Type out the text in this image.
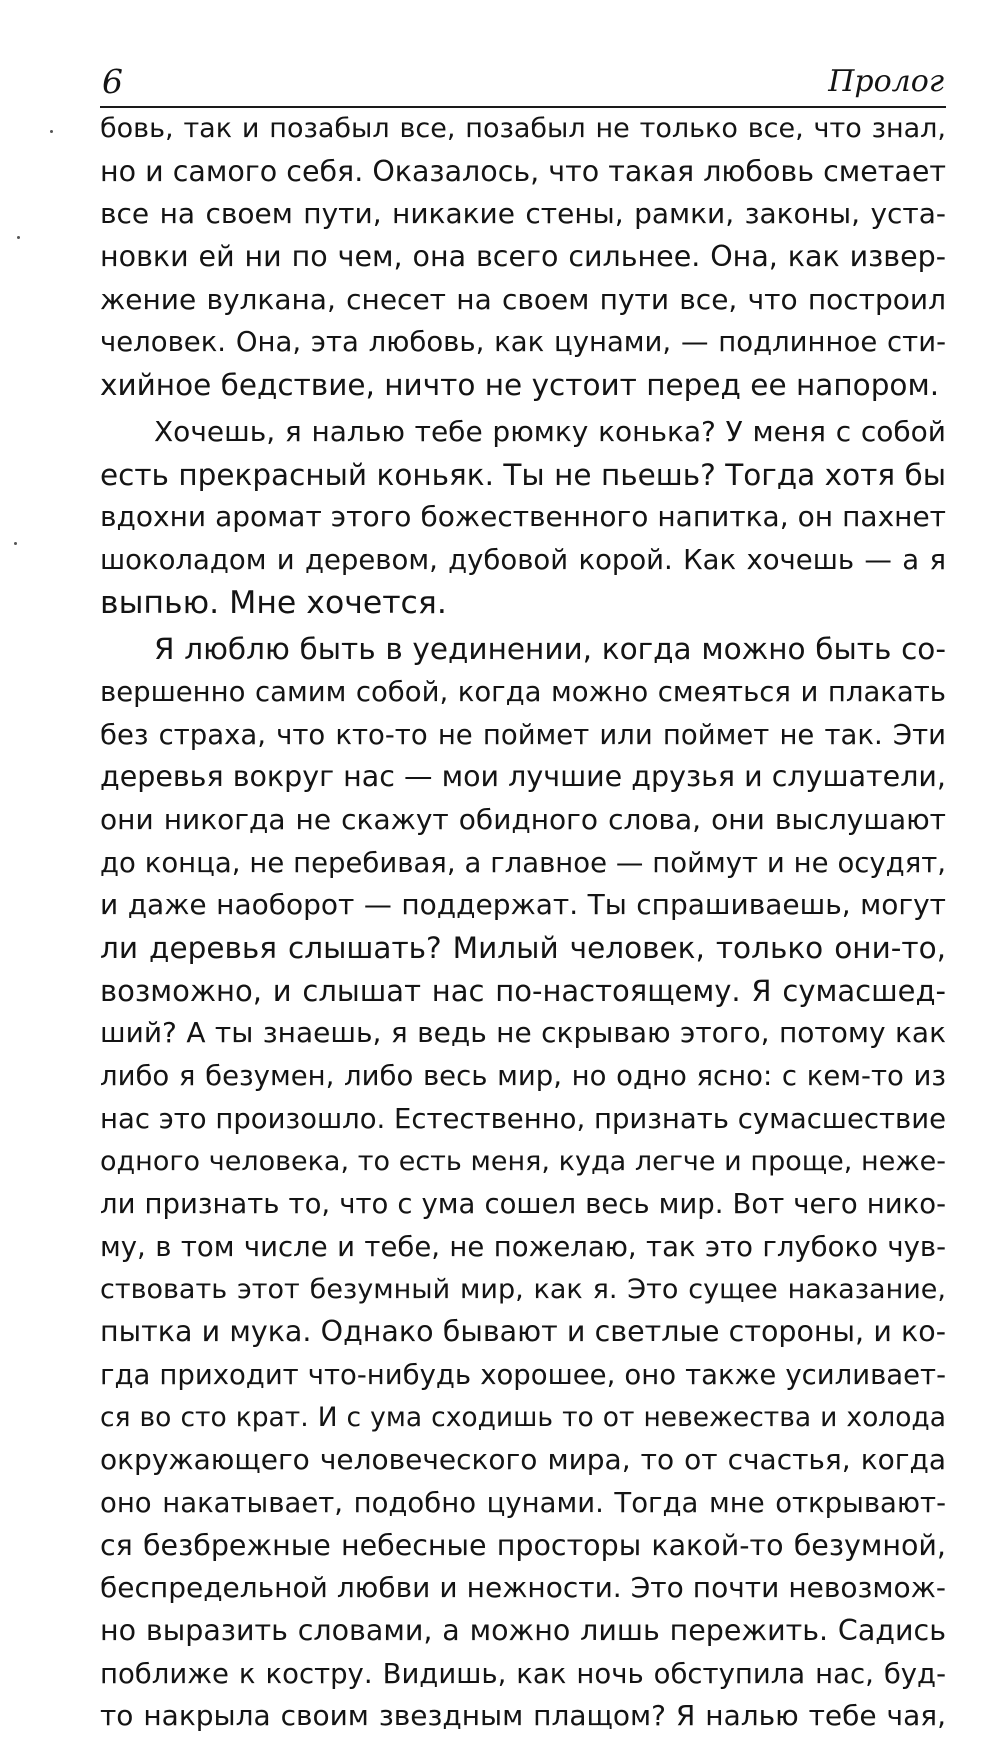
6	Пролог
бовь, так и позабыл все, позабыл не только все, что знал,
но и самого себя. Оказалось, что такая любовь сметает
все на своем пути, никакие стены, рамки, законы, уста-
новки ей ни по чем, она всего сильнее. Она, как извер-
жение вулкана, снесет на своем пути все, что построил
человек. Она, эта любовь, как цунами, — подлинное сти-
хийное бедствие, ничто не устоит перед ее напором.
Хочешь, я налью тебе рюмку конька? У меня с собой
есть прекрасный коньяк. Ты не пьешь? Тогда хотя бы
вдохни аромат этого божественного напитка, он пахнет
шоколадом и деревом, дубовой корой. Как хочешь — а я
выпью. Мне хочется.
Я люблю быть в уединении, когда можно быть со-
вершенно самим собой, когда можно смеяться и плакать
без страха, что кто-то не поймет или поймет не так. Эти
деревья вокруг нас — мои лучшие друзья и слушатели,
они никогда не скажут обидного слова, они выслушают
до конца, не перебивая, а главное — поймут и не осудят,
и даже наоборот — поддержат. Ты спрашиваешь, могут
ли деревья слышать? Милый человек, только они-то,
возможно, и слышат нас по-настоящему. Я сумасшед-
ший? А ты знаешь, я ведь не скрываю этого, потому как
либо я безумен, либо весь мир, но одно ясно: с кем-то из
нас это произошло. Естественно, признать сумасшествие
одного человека, то есть меня, куда легче и проще, неже-
ли признать то, что с ума сошел весь мир. Вот чего нико-
му, в том числе и тебе, не пожелаю, так это глубоко чув-
ствовать этот безумный мир, как я. Это сущее наказание,
пытка и мука. Однако бывают и светлые стороны, и ко-
гда приходит что-нибудь хорошее, оно также усиливает-
ся во сто крат. И с ума сходишь то от невежества и холода
окружающего человеческого мира, то от счастья, когда
оно накатывает, подобно цунами. Тогда мне открывают-
ся безбрежные небесные просторы какой-то безумной,
беспредельной любви и нежности. Это почти невозмож-
но выразить словами, а можно лишь пережить. Садись
поближе к костру. Видишь, как ночь обступила нас, буд-
то накрыла своим звездным плащом? Я налью тебе чая,
